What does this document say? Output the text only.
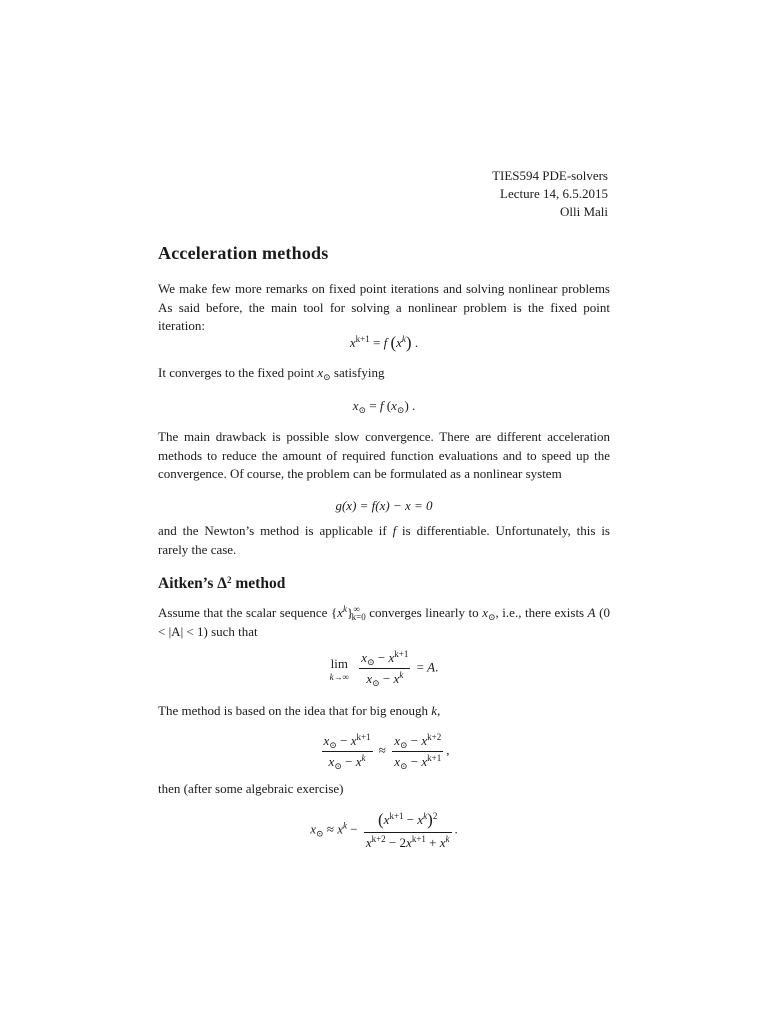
TIES594 PDE-solvers
Lecture 14, 6.5.2015
Olli Mali
Acceleration methods
We make few more remarks on fixed point iterations and solving nonlinear problems As said before, the main tool for solving a nonlinear problem is the fixed point iteration:
$x^{k+1} = f$ $(x^k)$ .
It converges to the fixed point $x_⊙$ satisfying
$x_⊙ = f$ $(x_⊙)$ .
The main drawback is possible slow convergence. There are different acceleration methods to reduce the amount of required function evaluations and to speed up the convergence. Of course, the problem can be formulated as a nonlinear system
g(x) = f(x) − x = 0
and the Newton’s method is applicable if f is differentiable. Unfortunately, this is rarely the case.
Aitken’s $\Delta^2$ method
Assume that the scalar sequence $\{x^k\}^\infty_{k=0}$ converges linearly to $x_⊙$, i.e., there exists A (0 < |A| < 1) such that
lim
k→∞
$\frac{x_⊙ - x^{k+1}}{x_⊙ - x^k} = A$.
The method is based on the idea that for big enough k,
$\frac{x_⊙ - x^{k+1}}{x_⊙ - x^k} \approx \frac{x_⊙ - x^{k+2}}{x_⊙ - x^{k+1}}$ ,
then (after some algebraic exercise)
$x_⊙ \approx x^k - \frac{(x^{k+1} - x^k)^2}{x^{k+2} - 2x^{k+1} + x^k}$ .
